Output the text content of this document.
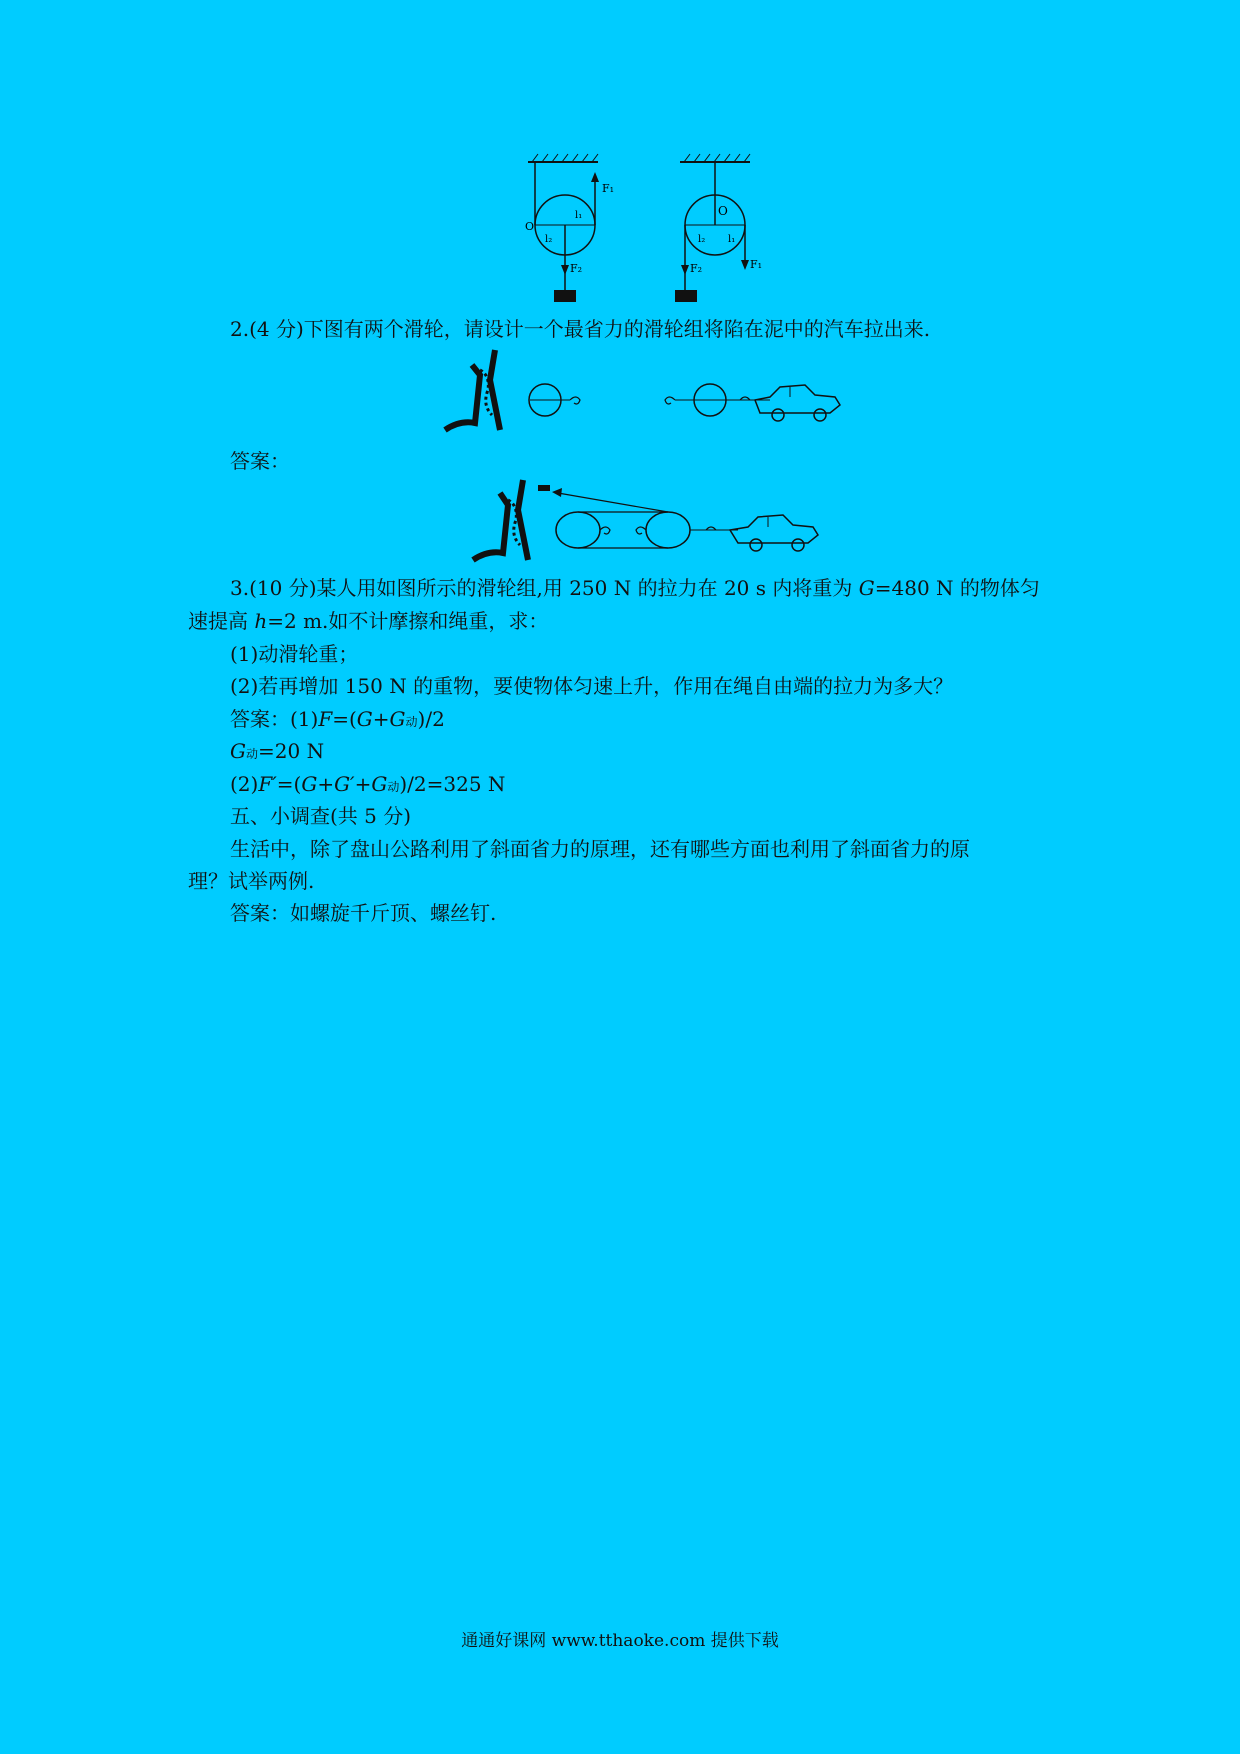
F₁
F₂
O
l₁
l₂
F₁
F₂
O
l₂ l₁

2.(4 分)下图有两个滑轮，请设计一个最省力的滑轮组将陷在泥中的汽车拉出来.

答案：

3.(10 分)某人用如图所示的滑轮组,用 250 N 的拉力在 20 s 内将重为 G=480 N 的物体匀

速提高 h=2 m.如不计摩擦和绳重，求：

(1)动滑轮重；

(2)若再增加 150 N 的重物，要使物体匀速上升，作用在绳自由端的拉力为多大？

答案：(1)F=(G+G动)/2

G动=20 N

(2)F′=(G+G′+G动)/2=325 N

五、小调查(共 5 分)

生活中，除了盘山公路利用了斜面省力的原理，还有哪些方面也利用了斜面省力的原

理？试举两例.

答案：如螺旋千斤顶、螺丝钉.

通通好课网 www.tthaoke.com 提供下载
